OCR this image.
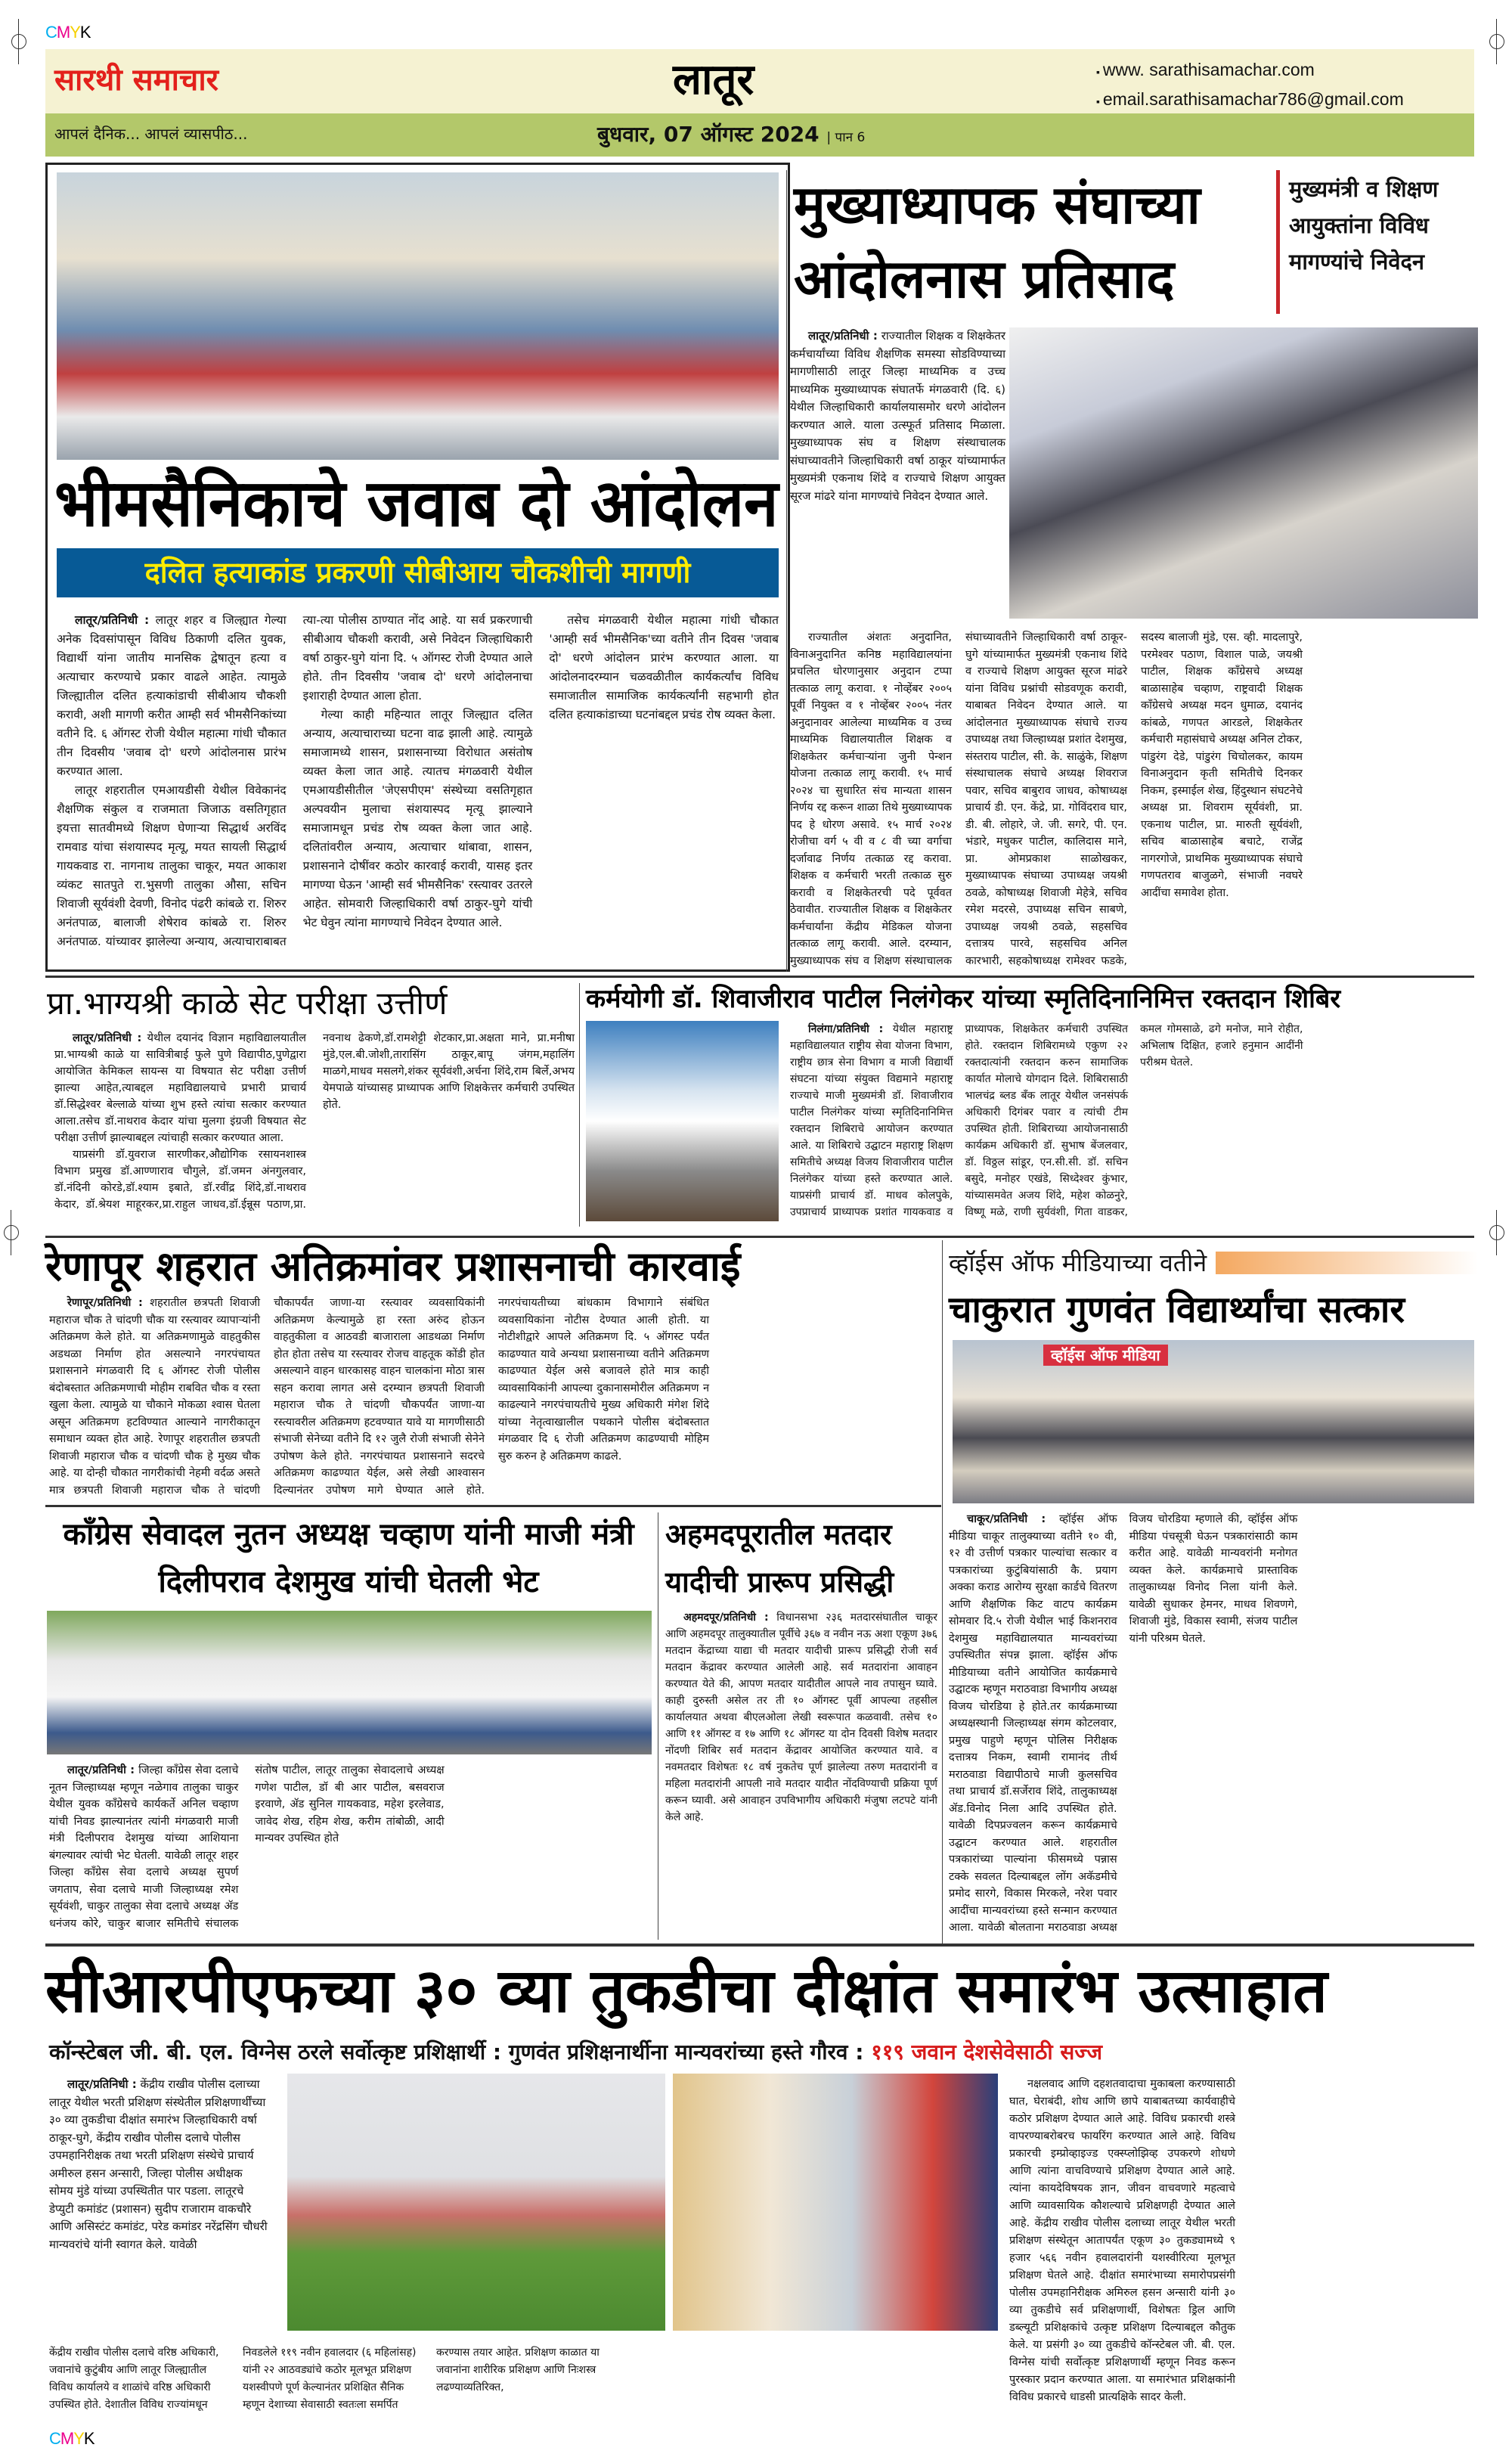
CMYK
सारथी समाचार	लातूर	▪ www. sarathisamachar.com
▪ email.sarathisamachar786@gmail.com
आपलं दैनिक... आपलं व्यासपीठ...	बुधवार, 07 ऑगस्ट 2024 | पान 6
भीमसैनिकाचे जवाब दो आंदोलन
दलित हत्याकांड प्रकरणी सीबीआय चौकशीची मागणी

लातूर/प्रतिनिधी : लातूर शहर व जिल्ह्यात गेल्या अनेक दिवसांपासून विविध ठिकाणी दलित युवक, विद्यार्थी यांना जातीय मानसिक द्वेषातून हत्या व अत्याचार करण्याचे प्रकार वाढले आहेत. त्यामुळे जिल्ह्यातील दलित हत्याकांडाची सीबीआय चौकशी करावी, अशी मागणी करीत आम्ही सर्व भीमसैनिकांच्या वतीने दि. ६ ऑगस्ट रोजी येथील महात्मा गांधी चौकात तीन दिवसीय 'जवाब दो' धरणे आंदोलनास प्रारंभ करण्यात आला.

लातूर शहरातील एमआयडीसी येथील विवेकानंद शैक्षणिक संकुल व राजमाता जिजाऊ वसतिगृहात इयत्ता सातवीमध्ये शिक्षण घेणाऱ्या सिद्धार्थ अरविंद रामवाड यांचा संशयास्पद मृत्यू, मयत सायली सिद्धार्थ गायकवाड रा. नागनाथ तालुका चाकूर, मयत आकाश व्यंकट सातपुते रा.भुसणी तालुका औसा, सचिन शिवाजी सूर्यवंशी देवणी, विनोद पंढरी कांबळे रा. शिरुर अनंतपाळ, बालाजी शेषेराव कांबळे रा. शिरुर अनंतपाळ. यांच्यावर झालेल्या अन्याय, अत्याचाराबाबत त्या-त्या पोलीस ठाण्यात नोंद आहे. या सर्व प्रकरणाची सीबीआय चौकशी करावी, असे निवेदन जिल्हाधिकारी वर्षा ठाकुर-घुगे यांना दि. ५ ऑगस्ट रोजी देण्यात आले होते. तीन दिवसीय 'जवाब दो' धरणे आंदोलनाचा इशाराही देण्यात आला होता.

गेल्या काही महिन्यात लातूर जिल्ह्यात दलित अन्याय, अत्याचाराच्या घटना वाढ झाली आहे. त्यामुळे समाजामध्ये शासन, प्रशासनाच्या विरोधात असंतोष व्यक्त केला जात आहे. त्यातच मंगळवारी येथील एमआयडीसीतील 'जेएसपीएम' संस्थेच्या वसतिगृहात अल्पवयीन मुलाचा संशयास्पद मृत्यू झाल्याने समाजामधून प्रचंड रोष व्यक्त केला जात आहे. दलितांवरील अन्याय, अत्याचार थांबावा, शासन, प्रशासनाने दोषींवर कठोर कारवाई करावी, यासह इतर मागण्या घेऊन 'आम्ही सर्व भीमसैनिक' रस्त्यावर उतरले आहेत. सोमवारी जिल्हाधिकारी वर्षा ठाकुर-घुगे यांची भेट घेवुन त्यांना मागण्याचे निवेदन देण्यात आले.

तसेच मंगळवारी येथील महात्मा गांधी चौकात 'आम्ही सर्व भीमसैनिक'च्या वतीने तीन दिवस 'जवाब दो' धरणे आंदोलन प्रारंभ करण्यात आला. या आंदोलनादरम्यान चळवळीतील कार्यकर्त्यांच विविध समाजातील सामाजिक कार्यकर्त्यांनी सहभागी होत दलित हत्याकांडाच्या घटनांबद्दल प्रचंड रोष व्यक्त केला.

मुख्याध्यापक संघाच्या आंदोलनास प्रतिसाद
मुख्यमंत्री व शिक्षण आयुक्तांना विविध मागण्यांचे निवेदन

लातूर/प्रतिनिधी : राज्यातील शिक्षक व शिक्षकेतर कर्मचार्यांच्या विविध शैक्षणिक समस्या सोडविण्याच्या मागणीसाठी लातूर जिल्हा माध्यमिक व उच्च माध्यमिक मुख्याध्यापक संघातर्फे मंगळवारी (दि. ६) येथील जिल्हाधिकारी कार्यालयासमोर धरणे आंदोलन करण्यात आले. याला उत्स्फूर्त प्रतिसाद मिळाला. मुख्याध्यापक संघ व शिक्षण संस्थाचालक संघाच्यावतीने जिल्हाधिकारी वर्षा ठाकूर यांच्यामार्फत मुख्यमंत्री एकनाथ शिंदे व राज्याचे शिक्षण आयुक्त सूरज मांढरे यांना मागण्यांचे निवेदन देण्यात आले.

राज्यातील अंशतः अनुदानित, विनाअनुदानित कनिष्ठ महाविद्यालयांना प्रचलित धोरणानुसार अनुदान टप्पा तत्काळ लागू करावा. १ नोव्हेंबर २००५ पूर्वी नियुक्त व १ नोव्हेंबर २००५ नंतर अनुदानावर आलेल्या माध्यमिक व उच्च माध्यमिक विद्यालयातील शिक्षक व शिक्षकेतर कर्मचाऱ्यांना जुनी पेन्शन योजना तत्काळ लागू करावी. १५ मार्च २०२४ चा सुधारित संच मान्यता शासन निर्णय रद्द करून शाळा तिथे मुख्याध्यापक पद हे धोरण असावे. १५ मार्च २०२४ रोजीचा वर्ग ५ वी व ८ वी च्या वर्गाचा दर्जावाढ निर्णय तत्काळ रद्द करावा. शिक्षक व कर्मचारी भरती तत्काळ सुरु करावी व शिक्षकेतरची पदे पूर्ववत ठेवावीत. राज्यातील शिक्षक व शिक्षकेतर कर्मचार्यांना केंद्रीय मेडिकल योजना तत्काळ लागू करावी. आले. दरम्यान, मुख्याध्यापक संघ व शिक्षण संस्थाचालक संघाच्यावतीने जिल्हाधिकारी वर्षा ठाकूर-घुगे यांच्यामार्फत मुख्यमंत्री एकनाथ शिंदे व राज्याचे शिक्षण आयुक्त सूरज मांढरे यांना विविध प्रश्नांची सोडवणूक करावी, याबाबत निवेदन देण्यात आले. या आंदोलनात मुख्याध्यापक संघाचे राज्य उपाध्यक्ष तथा जिल्हाध्यक्ष प्रशांत देशमुख, संस्तराय पाटील, सी. के. साळुंके, शिक्षण संस्थाचालक संघाचे अध्यक्ष शिवराज पवार, सचिव बाबुराव जाधव, कोषाध्यक्ष प्राचार्य डी. एन. केंद्रे, प्रा. गोविंदराव घार, डी. बी. लोहारे, जे. जी. सगरे, पी. एन. भंडारे, मधुकर पाटील, कालिदास माने, प्रा. ओमप्रकाश साळोखकर, मुख्याध्यापक संघाच्या उपाध्यक्ष जयश्री ठवळे, कोषाध्यक्ष शिवाजी मेहेत्रे, सचिव रमेश मदरसे, उपाध्यक्ष सचिन साबणे, उपाध्यक्ष जयश्री ठवळे, सहसचिव दत्तात्रय पारवे, सहसचिव अनिल कारभारी, सहकोषाध्यक्ष रामेश्वर फडके, सदस्य बालाजी मुंडे, एस. व्ही. मादलापुरे, परमेश्वर पठाण, विशाल पाळे, जयश्री पाटील, शिक्षक काँग्रेसचे अध्यक्ष बाळासाहेब चव्हाण, राष्ट्रवादी शिक्षक काँग्रेसचे अध्यक्ष मदन धुमाळ, दयानंद कांबळे, गणपत आरडले, शिक्षकेतर कर्मचारी महासंघाचे अध्यक्ष अनिल टोकर, पांडुरंग देडे, पांडुरंग चिचोलकर, कायम विनाअनुदान कृती समितीचे दिनकर निकम, इस्माईल शेख, हिंदुस्थान संघटनेचे अध्यक्ष प्रा. शिवराम सूर्यवंशी, प्रा. एकनाथ पाटील, प्रा. मारुती सूर्यवंशी, सचिव बाळासाहेब बचाटे, राजेंद्र नागरगोजे, प्राथमिक मुख्याध्यापक संघाचे गणपतराव बाजुळगे, संभाजी नवघरे आदींचा समावेश होता.

प्रा.भाग्यश्री काळे सेट परीक्षा उत्तीर्ण

लातूर/प्रतिनिधी : येथील दयानंद विज्ञान महाविद्यालयातील प्रा.भाग्यश्री काळे या सावित्रीबाई फुले पुणे विद्यापीठ,पुणेद्वारा आयोजित केमिकल सायन्स या विषयात सेट परीक्षा उत्तीर्ण झाल्या आहेत,त्याबद्दल महाविद्यालयाचे प्रभारी प्राचार्य डॉ.सिद्धेश्वर बेल्लाळे यांच्या शुभ हस्ते त्यांचा सत्कार करण्यात आला.तसेच डॉ.नाथराव केदार यांचा मुलगा इंग्रजी विषयात सेट परीक्षा उत्तीर्ण झाल्याबद्दल त्यांचाही सत्कार करण्यात आला.

याप्रसंगी डॉ.युवराज सारणीकर,औद्योगिक रसायनशास्त्र विभाग प्रमुख डॉ.आण्णाराव चौगुले, डॉ.जमन अंनगुलवार, डॉ.नंदिनी कोरडे,डॉ.श्याम इबाते, डॉ.रवींद्र शिंदे,डॉ.नाथराव केदार, डॉ.श्रेयश माहूरकर,प्रा.राहुल जाधव,डॉ.ईन्नूस पठाण,प्रा. नवनाथ ढेकणे,डॉ.रामशेट्टी शेटकार,प्रा.अक्षता माने, प्रा.मनीषा मुंडे,एल.बी.जोशी,तारासिंग ठाकूर,बापू जंगम,महालिंग माळगे,माधव मसलगे,शंकर सूर्यवंशी,अर्चना शिंदे,राम बिर्ले,अभय येमपाळे यांच्यासह प्राध्यापक आणि शिक्षकेत्तर कर्मचारी उपस्थित होते.

कर्मयोगी डॉ. शिवाजीराव पाटील निलंगेकर यांच्या स्मृतिदिनानिमित्त रक्तदान शिबिर

निलंगा/प्रतिनिधी : येथील महाराष्ट्र महाविद्यालयात राष्ट्रीय सेवा योजना विभाग, राष्ट्रीय छात्र सेना विभाग व माजी विद्यार्थी संघटना यांच्या संयुक्त विद्यमाने महाराष्ट्र राज्याचे माजी मुख्यमंत्री डॉ. शिवाजीराव पाटील निलंगेकर यांच्या स्मृतिदिनानिमित्त रक्तदान शिबिराचे आयोजन करण्यात आले. या शिबिराचे उद्घाटन महाराष्ट्र शिक्षण समितीचे अध्यक्ष विजय शिवाजीराव पाटील निलंगेकर यांच्या हस्ते करण्यात आले. याप्रसंगी प्राचार्य डॉ. माधव कोलपुके, उपप्राचार्य प्राध्यापक प्रशांत गायकवाड व प्राध्यापक, शिक्षकेतर कर्मचारी उपस्थित होते. रक्तदान शिबिरामध्ये एकुण २२ रक्तदात्यांनी रक्तदान करुन सामाजिक कार्यात मोलाचे योगदान दिले. शिबिरासाठी भालचंद्र ब्लड बँक लातूर येथील जनसंपर्क अधिकारी दिगंबर पवार व त्यांची टीम उपस्थित होती. शिबिराच्या आयोजनासाठी कार्यक्रम अधिकारी डॉ. सुभाष बेंजलवार, डॉ. विठ्ठल सांडूर, एन.सी.सी. डॉ. सचिन बसुदे, मनोहर एखंडे, सिध्देश्वर कुंभार, यांच्यासमवेत अजय शिंदे, महेश कोळनुरे, विष्णू मळे, राणी सुर्यवंशी, गिता वाडकर, कमल गोमसाळे, ढगे मनोज, माने रोहीत, अभिलाष दिक्षित, हजारे हनुमान आदींनी परीश्रम घेतले.

रेणापूर शहरात अतिक्रमांवर प्रशासनाची कारवाई

रेणापूर/प्रतिनिधी : शहरातील छत्रपती शिवाजी महाराज चौक ते चांदणी चौक या रस्त्यावर व्यापाऱ्यांनी अतिक्रमण केले होते. या अतिक्रमणामुळे वाहतुकीस अडथळा निर्माण होत असल्याने नगरपंचायत प्रशासनाने मंगळवारी दि ६ ऑगस्ट रोजी पोलीस बंदोबस्तात अतिक्रमणाची मोहीम राबवित चौक व रस्ता खुला केला. त्यामुळे या चौकाने मोकळा श्वास घेतला असून अतिक्रमण हटविण्यात आल्याने नागरीकातून समाधान व्यक्त होत आहे. रेणापूर शहरातील छत्रपती शिवाजी महाराज चौक व चांदणी चौक हे मुख्य चौक आहे. या दोन्ही चौकात नागरीकांची नेहमी वर्दळ असते मात्र छत्रपती शिवाजी महाराज चौक ते चांदणी चौकापर्यंत जाणा-या रस्त्यावर व्यवसायिकांनी अतिक्रमण केल्यामुळे हा रस्ता अरुंद होऊन वाहतुकीला व आठवडी बाजाराला आडथळा निर्माण होत होता तसेच या रस्त्यावर रोजच वाहतूक कोंडी होत असल्याने वाहन धारकासह वाहन चालकांना मोठा त्रास सहन करावा लागत असे दरम्यान छत्रपती शिवाजी महाराज चौक ते चांदणी चौकपर्यंत जाणा-या रस्त्यावरील अतिक्रमण हटवण्यात यावे या मागणीसाठी संभाजी सेनेच्या वतीने दि १२ जुलै रोजी संभाजी सेनेने उपोषण केले होते. नगरपंचायत प्रशासनाने सदरचे अतिक्रमण काढण्यात येईल, असे लेखी आश्वासन दिल्यानंतर उपोषण मागे घेण्यात आले होते. नगरपंचायतीच्या बांधकाम विभागाने संबंधित व्यवसायिकांना नोटीस देण्यात आली होती. या नोटीशीद्वारे आपले अतिक्रमण दि. ५ ऑगस्ट पर्यंत काढण्यात यावे अन्यथा प्रशासनाच्या वतीने अतिक्रमण काढण्यात येईल असे बजावले होते मात्र काही व्यावसायिकांनी आपल्या दुकानासमोरील अतिक्रमण न काढल्याने नगरपंचायतीचे मुख्य अधिकारी मंगेश शिंदे यांच्या नेतृत्वाखालील पथकाने पोलीस बंदोबस्तात मंगळवार दि ६ रोजी अतिक्रमण काढण्याची मोहिम सुरु करुन हे अतिक्रमण काढले.

व्हॉईस ऑफ मीडियाच्या वतीने
चाकुरात गुणवंत विद्यार्थ्यांचा सत्कार
व्हॉईस ऑफ मीडिया

चाकूर/प्रतिनिधी : व्हॉईस ऑफ मीडिया चाकूर तालुक्याच्या वतीने १० वी, १२ वी उत्तीर्ण पत्रकार पाल्यांचा सत्कार व पत्रकारांच्या कुटुंबियांसाठी कै. प्रयाग अक्का कराड आरोग्य सुरक्षा कार्डचे वितरण आणि शैक्षणिक किट वाटप कार्यक्रम सोमवार दि.५ रोजी येथील भाई किशनराव देशमुख महाविद्यालयात मान्यवरांच्या उपस्थितीत संपन्न झाला. व्हॉईस ऑफ मीडियाच्या वतीने आयोजित कार्यक्रमाचे उद्घाटक म्हणून मराठवाडा विभागीय अध्यक्ष विजय चोरडिया हे होते.तर कार्यक्रमाच्या अध्यक्षस्थानी जिल्हाध्यक्ष संगम कोटलवार, प्रमुख पाहुणे म्हणून पोलिस निरीक्षक दत्तात्रय निकम, स्वामी रामानंद तीर्थ मराठवाडा विद्यापीठाचे माजी कुलसचिव तथा प्राचार्य डॉ.सर्जेराव शिंदे, तालुकाध्यक्ष ॲड.विनोद निला आदि उपस्थित होते. यावेळी दिपप्रज्वलन करून कार्यक्रमाचे उद्घाटन करण्यात आले. शहरातील पत्रकारांच्या पाल्यांना फीसमध्ये पन्नास टक्के सवलत दिल्याबद्दल लोंग अकॅडमीचे प्रमोद सारगे, विकास मिरकले, नरेश पवार आदींचा मान्यवरांच्या हस्ते सन्मान करण्यात आला. यावेळी बोलताना मराठवाडा अध्यक्ष विजय चोरडिया म्हणाले की, व्हॉईस ऑफ मीडिया पंचसूत्री घेऊन पत्रकारांसाठी काम करीत आहे. यावेळी मान्यवरांनी मनोगत व्यक्त केले. कार्यक्रमाचे प्रास्ताविक तालुकाध्यक्ष विनोद निला यांनी केले. यावेळी सुधाकर हेमनर, माधव शिवणगे, शिवाजी मुंडे, विकास स्वामी, संजय पाटील यांनी परिश्रम घेतले.

कॉंग्रेस सेवादल नुतन अध्यक्ष चव्हाण यांनी माजी मंत्री दिलीपराव देशमुख यांची घेतली भेट

लातूर/प्रतिनिधी : जिल्हा कॉंग्रेस सेवा दलाचे नूतन जिल्हाध्यक्ष म्हणून नळेगाव तालुका चाकुर येथील युवक कॉंग्रेसचे कार्यकर्ते अनिल चव्हाण यांची निवड झाल्यानंतर त्यांनी मंगळवारी माजी मंत्री दिलीपराव देशमुख यांच्या आशियाना बंगल्यावर त्यांची भेट घेतली. यावेळी लातूर शहर जिल्हा कॉंग्रेस सेवा दलाचे अध्यक्ष सुपर्ण जगताप, सेवा दलाचे माजी जिल्हाध्यक्ष रमेश सूर्यवंशी, चाकुर तालुका सेवा दलाचे अध्यक्ष ॲड धनंजय कोरे, चाकुर बाजार समितीचे संचालक संतोष पाटील, लातूर तालुका सेवादलाचे अध्यक्ष गणेश पाटील, डॉ बी आर पाटील, बसवराज इरवाणे, ॲड सुनिल गायकवाड, महेश इरलेवाड, जावेद शेख, रहिम शेख, करीम तांबोळी, आदी मान्यवर उपस्थित होते

अहमदपूरातील मतदार यादीची प्रारूप प्रसिद्धी

अहमदपूर/प्रतिनिधी : विधानसभा २३६ मतदारसंघातील चाकूर आणि अहमदपूर तालुक्यातील पूर्वीचे ३६७ व नवीन नऊ अशा एकूण ३७६ मतदान केंद्राच्या याद्या ची मतदार यादीची प्रारूप प्रसिद्धी रोजी सर्व मतदान केंद्रावर करण्यात आलेली आहे. सर्व मतदारांना आवाहन करण्यात येते की, आपण मतदार यादीतील आपले नाव तपासुन घ्यावे. काही दुरुस्ती असेल तर ती १० ऑगस्ट पूर्वी आपल्या तहसील कार्यालयात अथवा बीएलओला लेखी स्वरूपात कळवावी. तसेच १० आणि ११ ऑगस्ट व १७ आणि १८ ऑगस्ट या दोन दिवसी विशेष मतदार नोंदणी शिबिर सर्व मतदान केंद्रावर आयोजित करण्यात यावे. व नवमतदार विशेषतः १८ वर्ष नुकतेच पूर्ण झालेल्या तरुण मतदारांनी व महिला मतदारांनी आपली नावे मतदार यादीत नोंदविण्याची प्रक्रिया पूर्ण करून घ्यावी. असे आवाहन उपविभागीय अधिकारी मंजुषा लटपटे यांनी केले आहे.

सीआरपीएफच्या ३० व्या तुकडीचा दीक्षांत समारंभ उत्साहात
कॉन्स्टेबल जी. बी. एल. विग्नेस ठरले सर्वोत्कृष्ट प्रशिक्षार्थी : गुणवंत प्रशिक्षनार्थीना मान्यवरांच्या हस्ते गौरव : ११९ जवान देशसेवेसाठी सज्ज

लातूर/प्रतिनिधी : केंद्रीय राखीव पोलीस दलाच्या लातूर येथील भरती प्रशिक्षण संस्थेतील प्रशिक्षणार्थींच्या ३० व्या तुकडीचा दीक्षांत समारंभ जिल्हाधिकारी वर्षा ठाकूर-घुगे, केंद्रीय राखीव पोलीस दलाचे पोलीस उपमहानिरीक्षक तथा भरती प्रशिक्षण संस्थेचे प्राचार्य अमीरुल हसन अन्सारी, जिल्हा पोलीस अधीक्षक सोमय मुंडे यांच्या उपस्थितीत पार पडला. लातूरचे डेप्युटी कमांडंट (प्रशासन) सुदीप राजाराम वाकचौरे आणि असिस्टंट कमांडंट, परेड कमांडर नरेंद्रसिंग चौधरी मान्यवरांचे यांनी स्वागत केले. यावेळी

नक्षलवाद आणि दहशतवादाचा मुकाबला करण्यासाठी घात, घेराबंदी, शोध आणि छापे याबाबतच्या कार्यवाहीचे कठोर प्रशिक्षण देण्यात आले आहे. विविध प्रकारची शस्त्रे वापरण्याबरोबरच फायरिंग करण्यात आले आहे. विविध प्रकारची इम्प्रोव्हाइज्ड एक्स्प्लोझिव्ह उपकरणे शोधणे आणि त्यांना वाचविण्याचे प्रशिक्षण देण्यात आले आहे. त्यांना कायदेविषयक ज्ञान, जीवन वाचवणारे महत्वाचे आणि व्यावसायिक कौशल्याचे प्रशिक्षणही देण्यात आले आहे. केंद्रीय राखीव पोलीस दलाच्या लातूर येथील भरती प्रशिक्षण संस्थेतून आतापर्यंत एकूण ३० तुकड्यामध्ये ९ हजार ५६६ नवीन हवालदारांनी यशस्वीरित्या मूलभूत प्रशिक्षण घेतले आहे. दीक्षांत समारंभाच्या समारोपप्रसंगी पोलीस उपमहानिरीक्षक अमिरुल हसन अन्सारी यांनी ३० व्या तुकडीचे सर्व प्रशिक्षणार्थी, विशेषतः ड्रिल आणि डब्ल्यूटी प्रशिक्षकांचे उत्कृष्ट प्रशिक्षण दिल्याबद्दल कौतुक केले. या प्रसंगी ३० व्या तुकडीचे कॉन्स्टेबल जी. बी. एल. विग्नेस यांची सर्वोत्कृष्ट प्रशिक्षणार्थी म्हणून निवड करून पुरस्कार प्रदान करण्यात आला. या समारंभात प्रशिक्षकांनी विविध प्रकारचे धाडसी प्रात्यक्षिके सादर केली.

केंद्रीय राखीव पोलीस दलाचे वरिष्ठ अधिकारी, जवानांचे कुटुंबीय आणि लातूर जिल्ह्यातील विविध कार्यालये व शाळांचे वरिष्ठ अधिकारी उपस्थित होते. देशातील विविध राज्यांमधून निवडलेले ११९ नवीन हवालदार (६ महिलांसह) यांनी २२ आठवड्यांचे कठोर मूलभूत प्रशिक्षण यशस्वीपणे पूर्ण केल्यानंतर प्रशिक्षित सैनिक म्हणून देशाच्या सेवासाठी स्वतःला समर्पित करण्यास तयार आहेत. प्रशिक्षण काळात या जवानांना शारीरिक प्रशिक्षण आणि निःशस्त्र लढण्याव्यतिरिक्त,

CMYK
